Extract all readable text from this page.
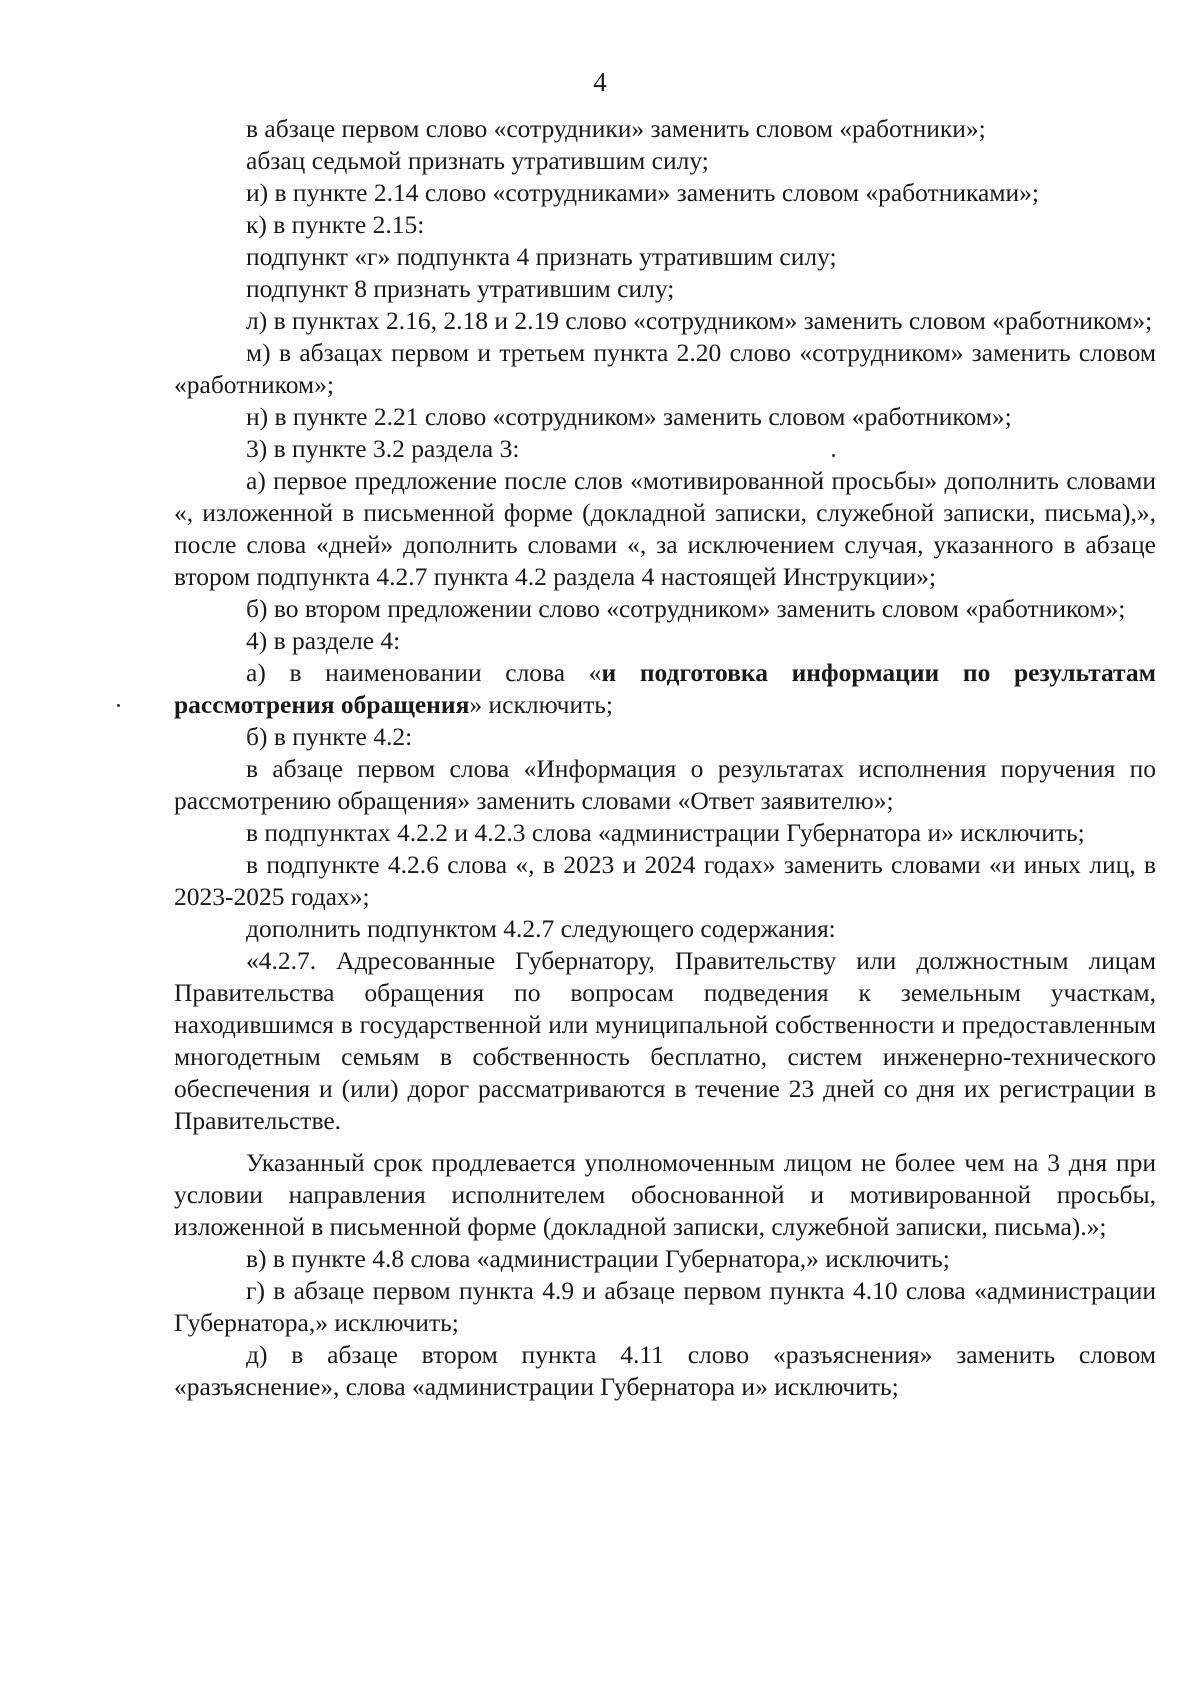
4

в абзаце первом слово «сотрудники» заменить словом «работники»;

абзац седьмой признать утратившим силу;

и) в пункте 2.14 слово «сотрудниками» заменить словом «работниками»;

к) в пункте 2.15:

подпункт «г» подпункта 4 признать утратившим силу;

подпункт 8 признать утратившим силу;

л) в пунктах 2.16, 2.18 и 2.19 слово «сотрудником» заменить словом «работником»;

м) в абзацах первом и третьем пункта 2.20 слово «сотрудником» заменить словом «работником»;

н) в пункте 2.21 слово «сотрудником» заменить словом «работником»;

3) в пункте 3.2 раздела 3:

а) первое предложение после слов «мотивированной просьбы» дополнить словами «, изложенной в письменной форме (докладной записки, служебной записки, письма),», после слова «дней» дополнить словами «, за исключением случая, указанного в абзаце втором подпункта 4.2.7 пункта 4.2 раздела 4 настоящей Инструкции»;

б) во втором предложении слово «сотрудником» заменить словом «работником»;

4) в разделе 4:

а) в наименовании слова «и подготовка информации по результатам рассмотрения обращения» исключить;

б) в пункте 4.2:

в абзаце первом слова «Информация о результатах исполнения поручения по рассмотрению обращения» заменить словами «Ответ заявителю»;

в подпунктах 4.2.2 и 4.2.3 слова «администрации Губернатора и» исключить;

в подпункте 4.2.6 слова «, в 2023 и 2024 годах» заменить словами «и иных лиц, в 2023-2025 годах»;

дополнить подпунктом 4.2.7 следующего содержания:

«4.2.7. Адресованные Губернатору, Правительству или должностным лицам Правительства обращения по вопросам подведения к земельным участкам, находившимся в государственной или муниципальной собственности и предоставленным многодетным семьям в собственность бесплатно, систем инженерно-технического обеспечения и (или) дорог рассматриваются в течение 23 дней со дня их регистрации в Правительстве.

Указанный срок продлевается уполномоченным лицом не более чем на 3 дня при условии направления исполнителем обоснованной и мотивированной просьбы, изложенной в письменной форме (докладной записки, служебной записки, письма).»;

в) в пункте 4.8 слова «администрации Губернатора,» исключить;

г) в абзаце первом пункта 4.9 и абзаце первом пункта 4.10 слова «администрации Губернатора,» исключить;

д) в абзаце втором пункта 4.11 слово «разъяснения» заменить словом «разъяснение», слова «администрации Губернатора и» исключить;
